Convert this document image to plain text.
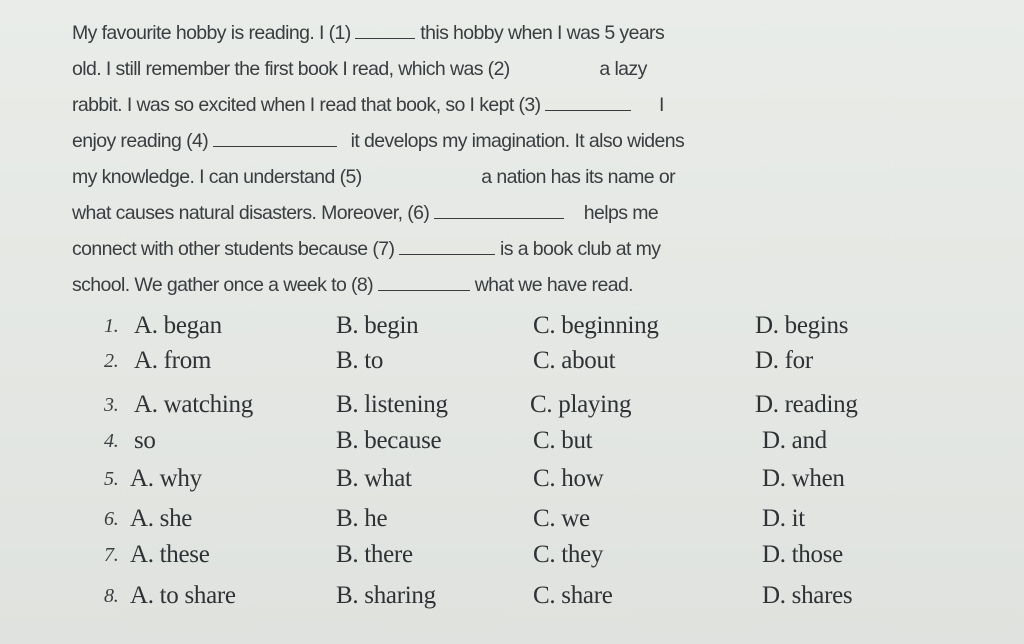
My favourite hobby is reading. I (1)	this hobby when I was 5 years
old. I still remember the first book I read, which was (2)	a lazy
rabbit. I was so excited when I read that book, so I kept (3)	I
enjoy reading (4)	it develops my imagination. It also widens
my knowledge. I can understand (5)	a nation has its name or
what causes natural disasters. Moreover, (6)	helps me
connect with other students because (7)	is a book club at my
school. We gather once a week to (8)	what we have read.
1. A. began	B. begin	C. beginning	D. begins
2. A. from	B. to	C. about	D. for
3. A. watching	B. listening	C. playing	D. reading
4. so	B. because	C. but	D. and
5. A. why	B. what	C. how	D. when
6. A. she	B. he	C. we	D. it
7. A. these	B. there	C. they	D. those
8. A. to share	B. sharing	C. share	D. shares
